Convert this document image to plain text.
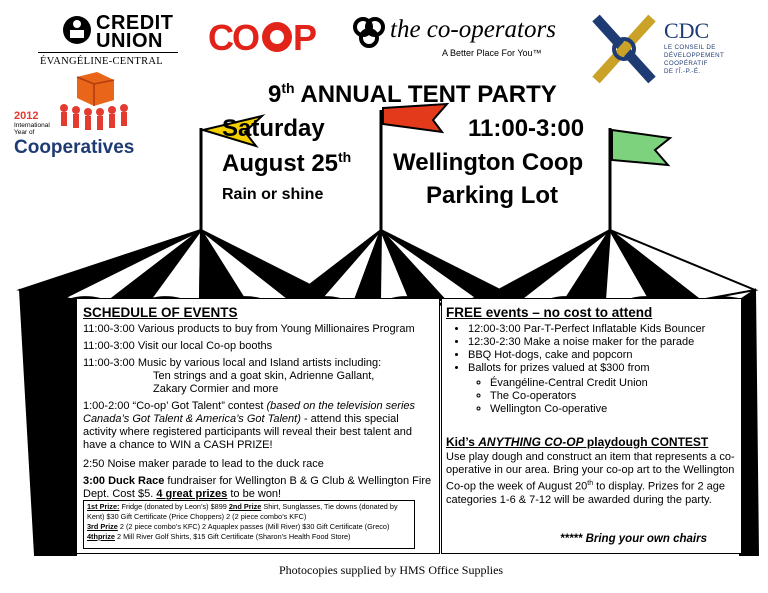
CREDIT
UNION
ÉVANGÉLINE-CENTRAL
CO P	the co-operators
A Better Place For You™
CDC
LE CONSEIL DE
DÉVELOPPEMENT
COOPÉRATIF
DE l'Î.-P.-É.
2012
International
Year of
Cooperatives
9th ANNUAL TENT PARTY
Saturday	11:00-3:00
August 25th Wellington Coop
Rain or shine	Parking Lot
SCHEDULE OF EVENTS
11:00-3:00 Various products to buy from Young Millionaires Program
11:00-3:00 Visit our local Co-op booths
11:00-3:00 Music by various local and Island artists including:
Ten strings and a goat skin, Adrienne Gallant,
Zakary Cormier and more
1:00-2:00 “Co-op’ Got Talent” contest (based on the television series Canada’s Got Talent & America’s Got Talent) - attend this special activity where registered participants will reveal their best talent and have a chance to WIN a CASH PRIZE!
2:50 Noise maker parade to lead to the duck race
3:00 Duck Race fundraiser for Wellington B & G Club & Wellington Fire Dept. Cost $5. 4 great prizes to be won!
1st Prize: Fridge (donated by Leon’s) $899 2nd Prize Shirt, Sunglasses, Tie downs (donated by Kent) $30 Gift Certificate (Price Choppers) 2 (2 piece combo’s KFC)
3rd Prize 2 (2 piece combo’s KFC) 2 Aquaplex passes (Mill River) $30 Gift Certificate (Greco) 4thprize 2 Mill River Golf Shirts, $15 Gift Certificate (Sharon’s Health Food Store)
FREE events – no cost to attend
• 12:00-3:00 Par-T-Perfect Inflatable Kids Bouncer
• 12:30-2:30 Make a noise maker for the parade
• BBQ Hot-dogs, cake and popcorn
• Ballots for prizes valued at $300 from
◦ Évangéline-Central Credit Union
◦ The Co-operators
◦ Wellington Co-operative
Kid’s ANYTHING CO-OP playdough CONTEST
Use play dough and construct an item that represents a co-operative in our area. Bring your co-op art to the Wellington Co-op the week of August 20th to display. Prizes for 2 age categories 1-6 & 7-12 will be awarded during the party.
***** Bring your own chairs
Photocopies supplied by HMS Office Supplies
